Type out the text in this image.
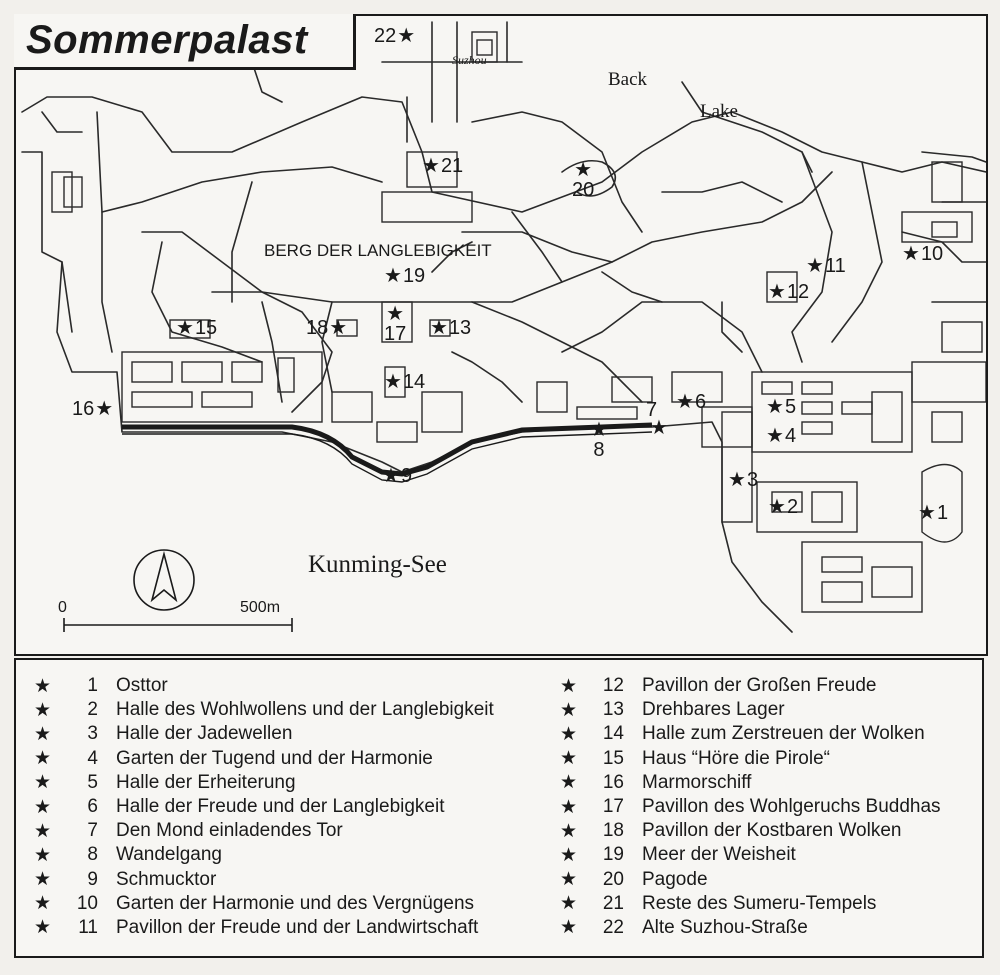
Suzhou
Back
Lake
BERG DER LANGLEBIGKEIT
Kunming-See
0	500m
★ 1
★ 2
★ 3
★ 4
★ 5
★ 6
7
★
★
8
★ 9
★ 10
★ 11
★ 12
★ 13
★ 14
★ 15
16 ★
★
17
18 ★
★ 19
★
20
★ 21
22 ★
Sommerpalast
★	1 Osttor
★	2 Halle des Wohlwollens und der Langlebigkeit
★	3 Halle der Jadewellen
★	4 Garten der Tugend und der Harmonie
★	5 Halle der Erheiterung
★	6 Halle der Freude und der Langlebigkeit
★	7 Den Mond einladendes Tor
★	8 Wandelgang
★	9 Schmucktor
★	10 Garten der Harmonie und des Vergnügens
★	11 Pavillon der Freude und der Landwirtschaft
★	12 Pavillon der Großen Freude
★	13 Drehbares Lager
★	14 Halle zum Zerstreuen der Wolken
★	15 Haus “Höre die Pirole“
★	16 Marmorschiff
★	17 Pavillon des Wohlgeruchs Buddhas
★	18 Pavillon der Kostbaren Wolken
★	19 Meer der Weisheit
★	20 Pagode
★	21 Reste des Sumeru-Tempels
★	22 Alte Suzhou-Straße
